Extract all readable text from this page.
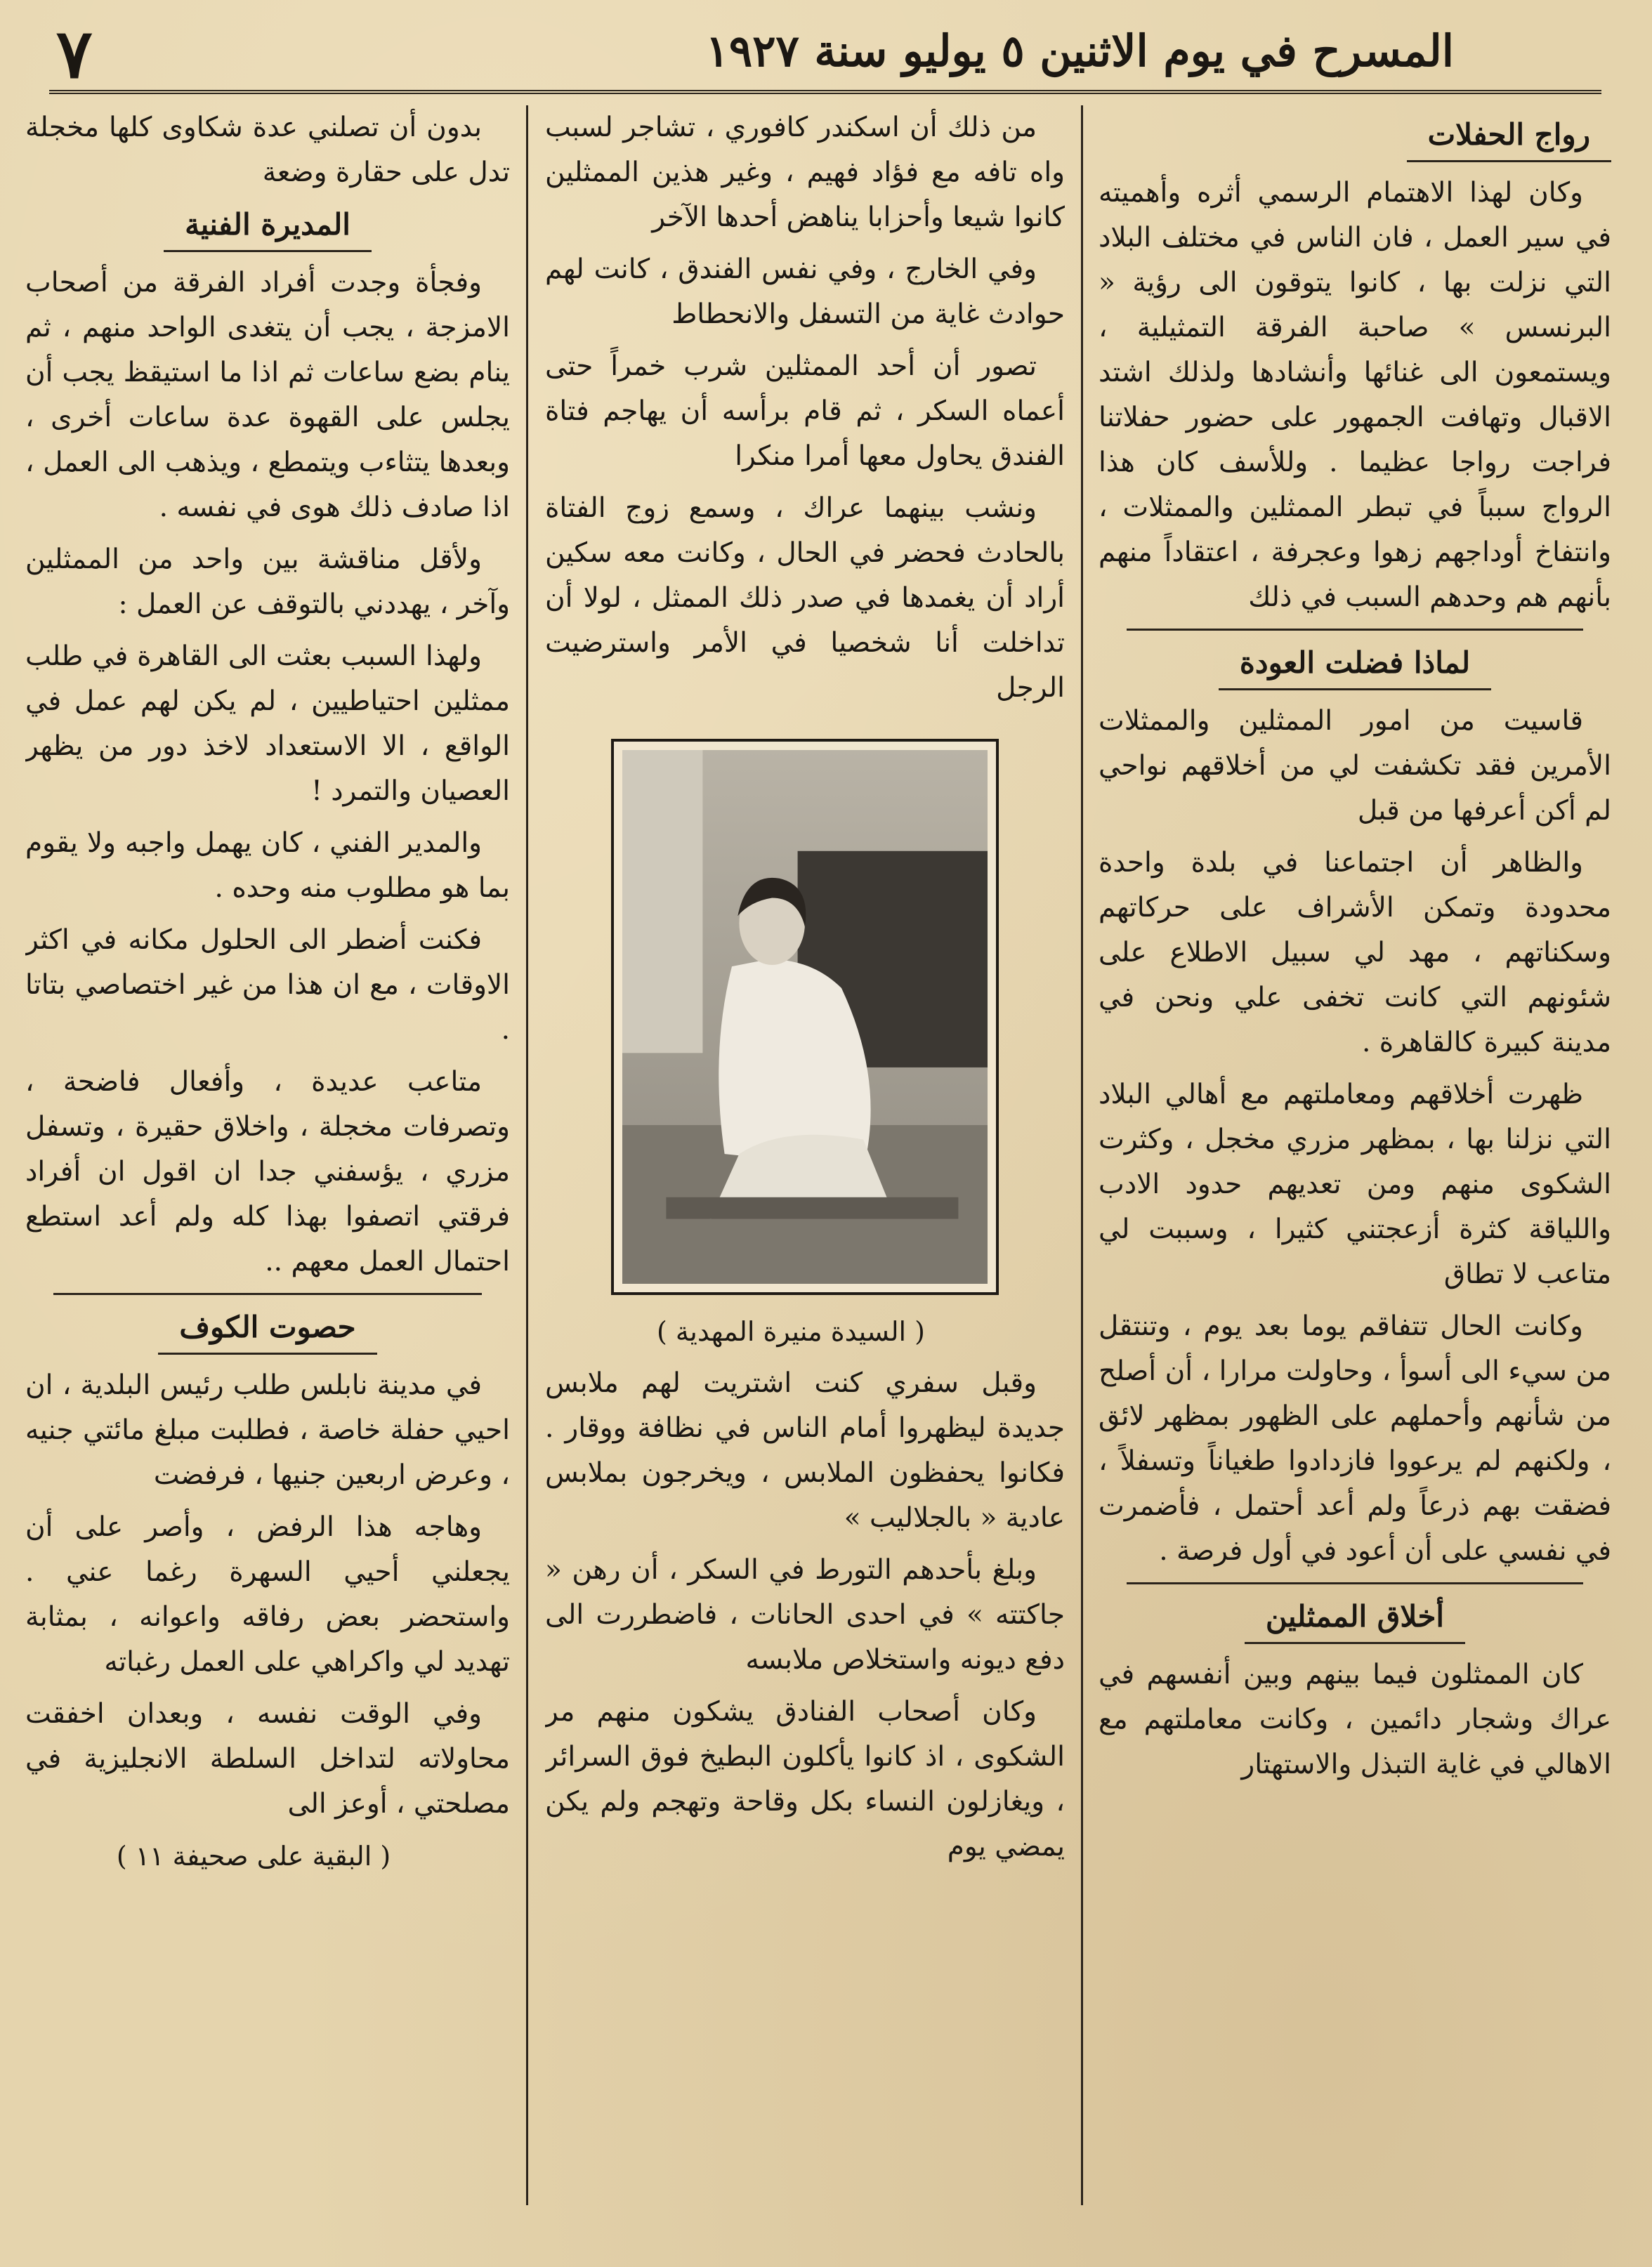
المسرح في يوم الاثنين ٥ يوليو سنة ١٩٢٧
٧
رواج الحفلات

وكان لهذا الاهتمام الرسمي أثره وأهميته في سير العمل ، فان الناس في مختلف البلاد التي نزلت بها ، كانوا يتوقون الى رؤية « البرنسس » صاحبة الفرقة التمثيلية ، ويستمعون الى غنائها وأنشادها ولذلك اشتد الاقبال وتهافت الجمهور على حضور حفلاتنا فراجت رواجا عظيما . وللأسف كان هذا الرواج سبباً في تبطر الممثلين والممثلات ، وانتفاخ أوداجهم زهوا وعجرفة ، اعتقاداً منهم بأنهم هم وحدهم السبب في ذلك

لماذا فضلت العودة

قاسيت من امور الممثلين والممثلات الأمرين فقد تكشفت لي من أخلاقهم نواحي لم أكن أعرفها من قبل

والظاهر أن اجتماعنا في بلدة واحدة محدودة وتمكن الأشراف على حركاتهم وسكناتهم ، مهد لي سبيل الاطلاع على شئونهم التي كانت تخفى علي ونحن في مدينة كبيرة كالقاهرة .

ظهرت أخلاقهم ومعاملتهم مع أهالي البلاد التي نزلنا بها ، بمظهر مزري مخجل ، وكثرت الشكوى منهم ومن تعديهم حدود الادب واللياقة كثرة أزعجتني كثيرا ، وسببت لي متاعب لا تطاق

وكانت الحال تتفاقم يوما بعد يوم ، وتنتقل من سيء الى أسوأ ، وحاولت مرارا ، أن أصلح من شأنهم وأحملهم على الظهور بمظهر لائق ، ولكنهم لم يرعووا فازدادوا طغياناً وتسفلاً ، فضقت بهم ذرعاً ولم أعد أحتمل ، فأضمرت في نفسي على أن أعود في أول فرصة .

أخلاق الممثلين

كان الممثلون فيما بينهم وبين أنفسهم في عراك وشجار دائمين ، وكانت معاملتهم مع الاهالي في غاية التبذل والاستهتار

من ذلك أن اسكندر كافوري ، تشاجر لسبب واه تافه مع فؤاد فهيم ، وغير هذين الممثلين كانوا شيعا وأحزابا يناهض أحدها الآخر

وفي الخارج ، وفي نفس الفندق ، كانت لهم حوادث غاية من التسفل والانحطاط

تصور أن أحد الممثلين شرب خمراً حتى أعماه السكر ، ثم قام برأسه أن يهاجم فتاة الفندق يحاول معها أمرا منكرا

ونشب بينهما عراك ، وسمع زوج الفتاة بالحادث فحضر في الحال ، وكانت معه سكين أراد أن يغمدها في صدر ذلك الممثل ، لولا أن تداخلت أنا شخصيا في الأمر واسترضيت الرجل

( السيدة منيرة المهدية )

وقبل سفري كنت اشتريت لهم ملابس جديدة ليظهروا أمام الناس في نظافة ووقار . فكانوا يحفظون الملابس ، ويخرجون بملابس عادية « بالجلاليب »

وبلغ بأحدهم التورط في السكر ، أن رهن « جاكتته » في احدى الحانات ، فاضطررت الى دفع ديونه واستخلاص ملابسه

وكان أصحاب الفنادق يشكون منهم مر الشكوى ، اذ كانوا يأكلون البطيخ فوق السرائر ، ويغازلون النساء بكل وقاحة وتهجم ولم يكن يمضي يوم

بدون أن تصلني عدة شكاوى كلها مخجلة تدل على حقارة وضعة

المديرة الفنية

وفجأة وجدت أفراد الفرقة من أصحاب الامزجة ، يجب أن يتغدى الواحد منهم ، ثم ينام بضع ساعات ثم اذا ما استيقظ يجب أن يجلس على القهوة عدة ساعات أخرى ، وبعدها يتثاءب ويتمطع ، ويذهب الى العمل ، اذا صادف ذلك هوى في نفسه .

ولأقل مناقشة بين واحد من الممثلين وآخر ، يهددني بالتوقف عن العمل :

ولهذا السبب بعثت الى القاهرة في طلب ممثلين احتياطيين ، لم يكن لهم عمل في الواقع ، الا الاستعداد لاخذ دور من يظهر العصيان والتمرد !

والمدير الفني ، كان يهمل واجبه ولا يقوم بما هو مطلوب منه وحده .

فكنت أضطر الى الحلول مكانه في اكثر الاوقات ، مع ان هذا من غير اختصاصي بتاتا .

متاعب عديدة ، وأفعال فاضحة ، وتصرفات مخجلة ، واخلاق حقيرة ، وتسفل مزري ، يؤسفني جدا ان اقول ان أفراد فرقتي اتصفوا بهذا كله ولم أعد استطع احتمال العمل معهم ..

حصوت الكوف

في مدينة نابلس طلب رئيس البلدية ، ان احيي حفلة خاصة ، فطلبت مبلغ مائتي جنيه ، وعرض اربعين جنيها ، فرفضت

وهاجه هذا الرفض ، وأصر على أن يجعلني أحيي السهرة رغما عني . واستحضر بعض رفاقه واعوانه ، بمثابة تهديد لي واكراهي على العمل رغباته

وفي الوقت نفسه ، وبعدان اخفقت محاولاته لتداخل السلطة الانجليزية في مصلحتي ، أوعز الى

( البقية على صحيفة ١١ )
